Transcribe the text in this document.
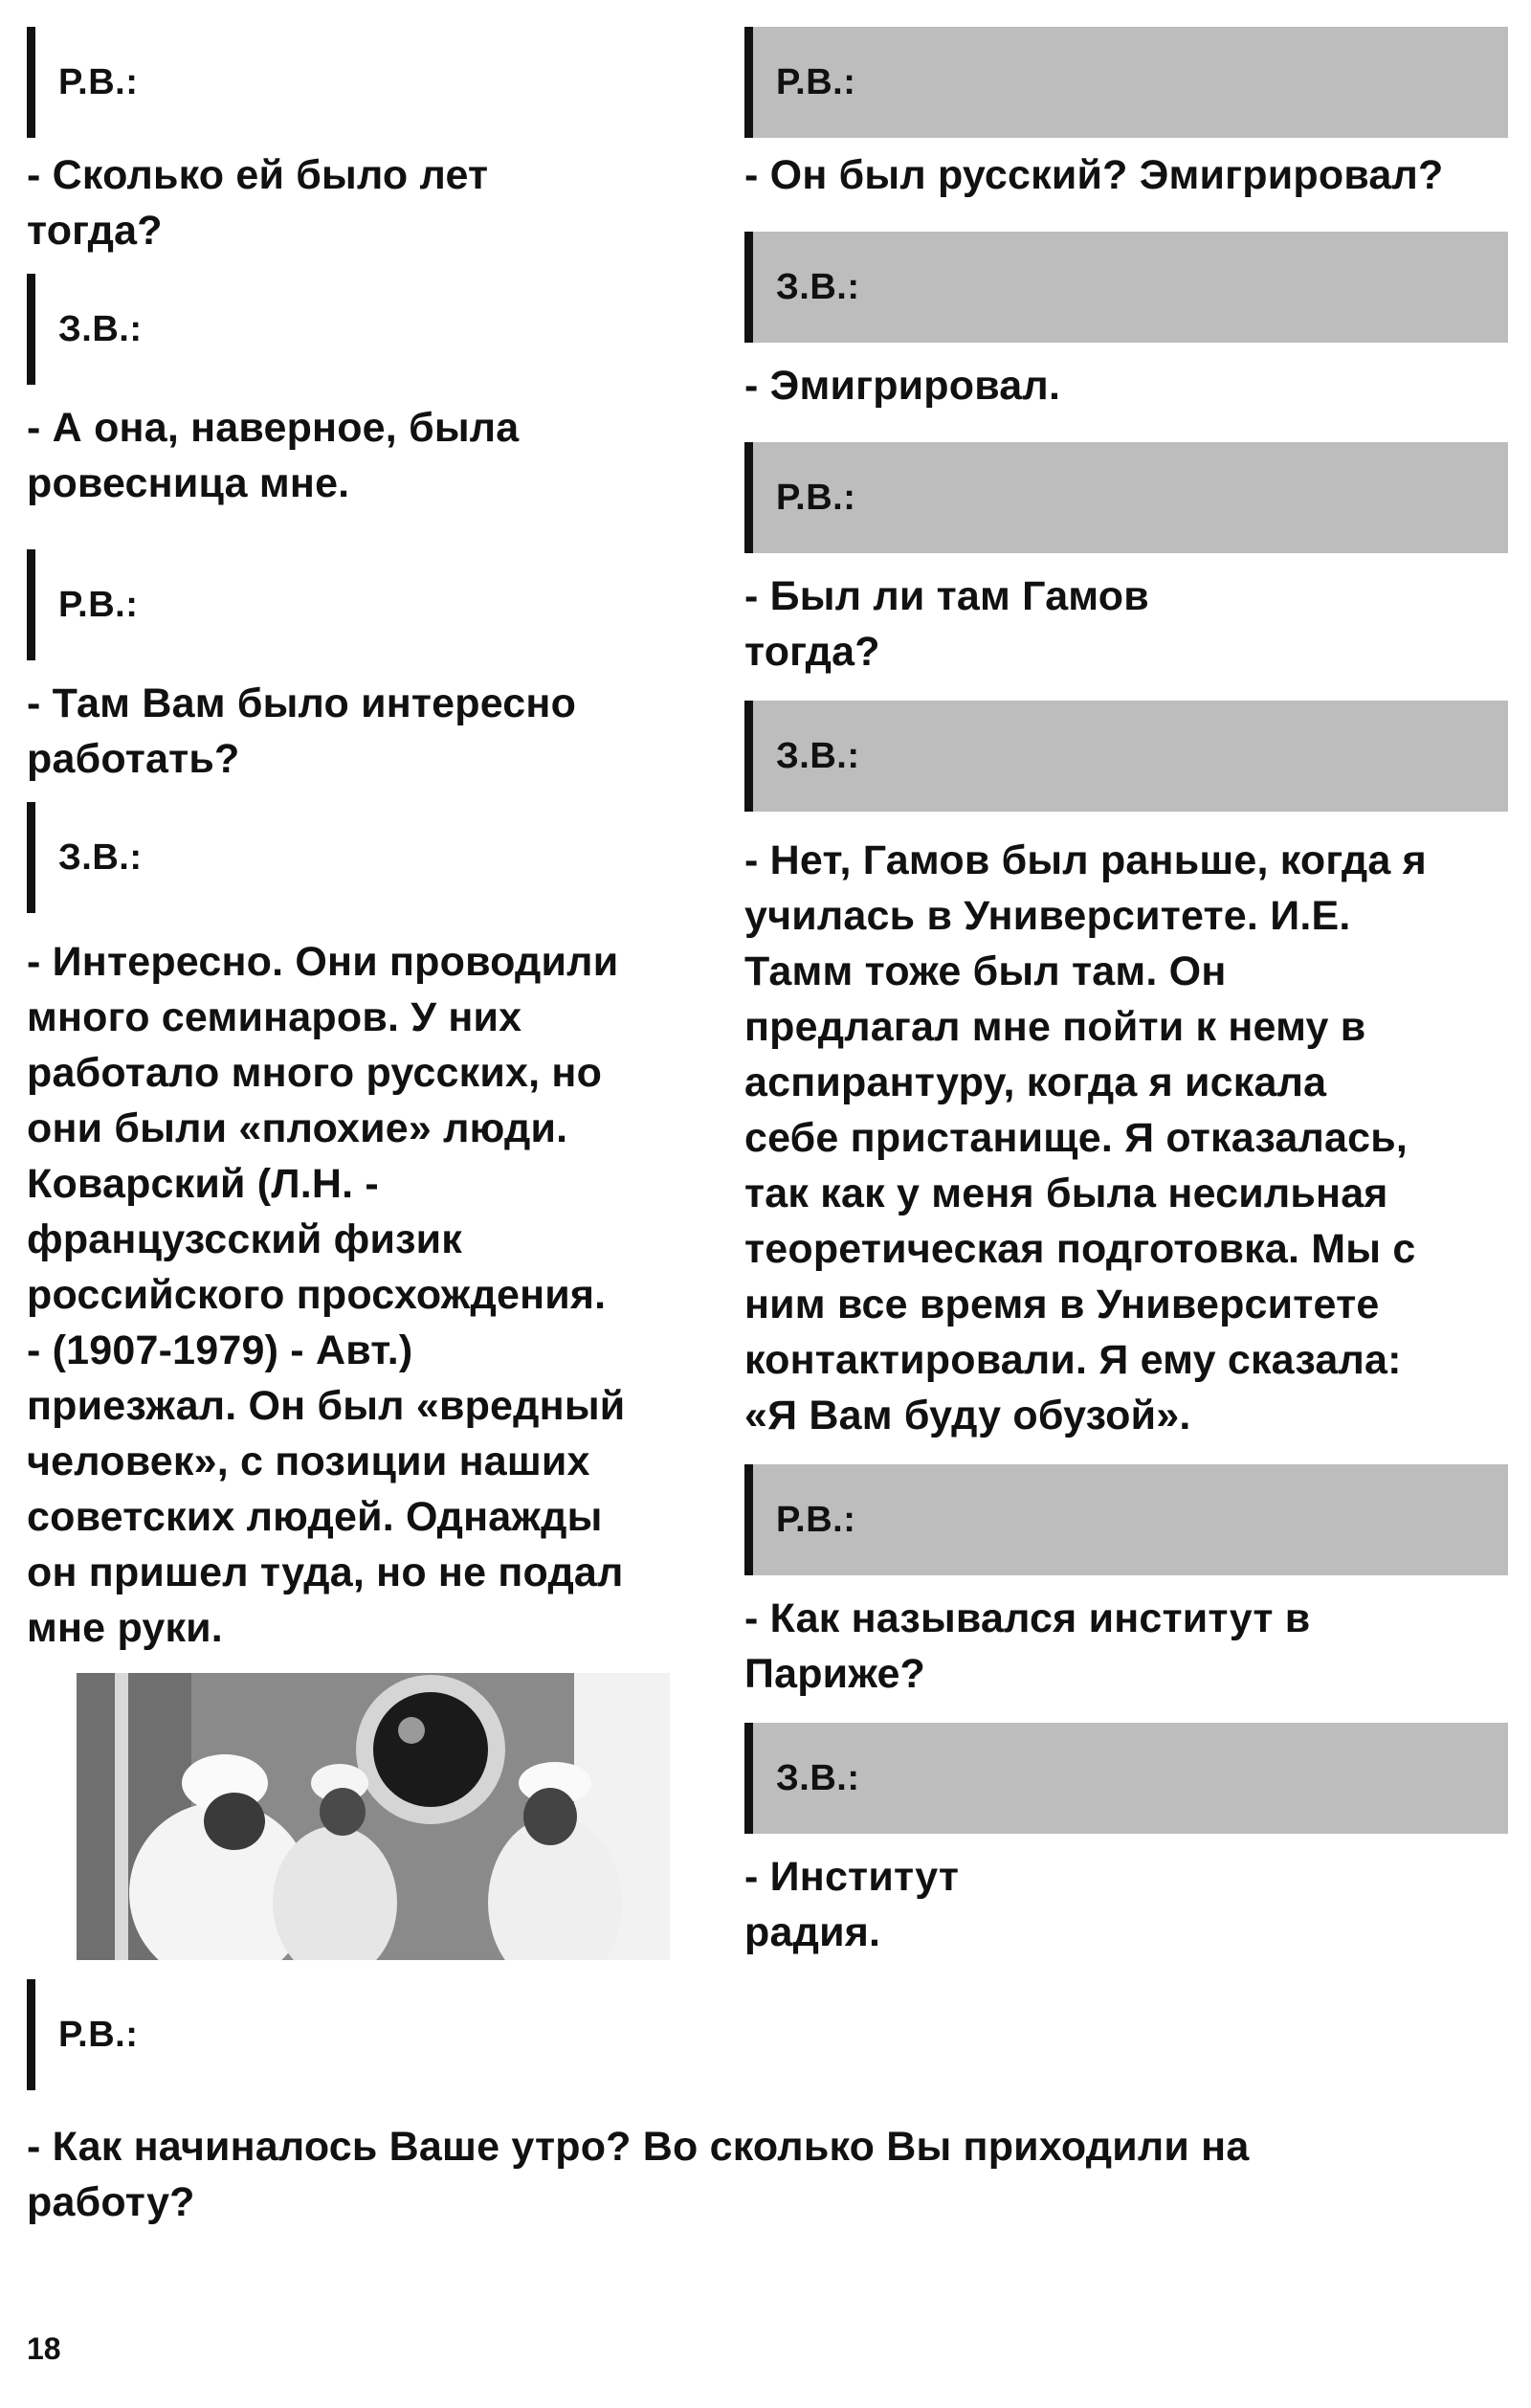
Р.В.:

- Сколько ей было лет

тогда?

З.В.:

- А она, наверное, была

ровесница мне.

Р.В.:

- Там Вам было интересно

работать?

З.В.:

- Интересно. Они проводили

много семинаров. У них

работало много русских, но

они были «плохие» люди.

Коварский (Л.Н. -

французсский физик

российского просхождения.

- (1907-1979) - Авт.)

приезжал. Он был «вредный

человек», с позиции наших

советских людей. Однажды

он пришел туда, но не подал

мне руки.

Р.В.:

- Он был русский? Эмигрировал?

З.В.:

- Эмигрировал.

Р.В.:

- Был ли там Гамов

тогда?

З.В.:

- Нет, Гамов был раньше, когда я

училась в Университете. И.Е.

Тамм тоже был там. Он

предлагал мне пойти к нему в

аспирантуру, когда я искала

себе пристанище. Я отказалась,

так как у меня была несильная

теоретическая подготовка. Мы с

ним все время в Университете

контактировали. Я ему сказала:

«Я Вам буду обузой».

Р.В.:

- Как назывался институт в

Париже?

З.В.:

- Институт

радия.

Р.В.:

- Как начиналось Ваше утро? Во сколько Вы приходили на

работу?

18
